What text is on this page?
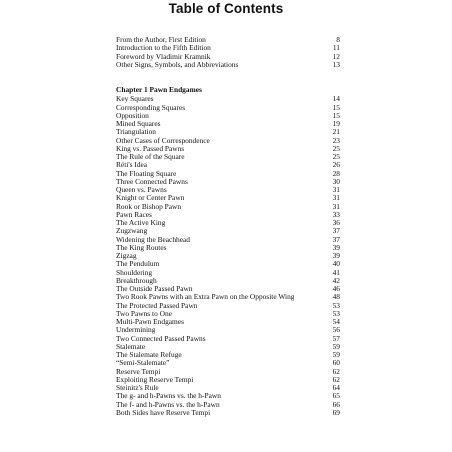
Table of Contents
From the Author, First Edition	8
Introduction to the Fifth Edition	11
Foreword by Vladimir Kramnik	12
Other Signs, Symbols, and Abbreviations	13
Chapter 1 Pawn Endgames
Key Squares	14
Corresponding Squares	15
Opposition	15
Mined Squares	19
Triangulation	21
Other Cases of Correspondence	23
King vs. Passed Pawns	25
The Rule of the Square	25
Réti's Idea	26
The Floating Square	28
Three Connected Pawns	30
Queen vs. Pawns	31
Knight or Center Pawn	31
Rook or Bishop Pawn	31
Pawn Races	33
The Active King	36
Zugzwang	37
Widening the Beachhead	37
The King Routes	39
Zigzag	39
The Pendulum	40
Shouldering	41
Breakthrough	42
The Outside Passed Pawn	46
Two Rook Pawns with an Extra Pawn on the Opposite Wing	48
The Protected Passed Pawn	53
Two Pawns to One	53
Multi-Pawn Endgames	54
Undermining	56
Two Connected Passed Pawns	57
Stalemate	59
The Stalemate Refuge	59
“Semi-Stalemate”	60
Reserve Tempi	62
Exploiting Reserve Tempi	62
Steinitz's Rule	64
The g- and h-Pawns vs. the h-Pawn	65
The f- and h-Pawns vs. the h-Pawn	66
Both Sides have Reserve Tempi	69
